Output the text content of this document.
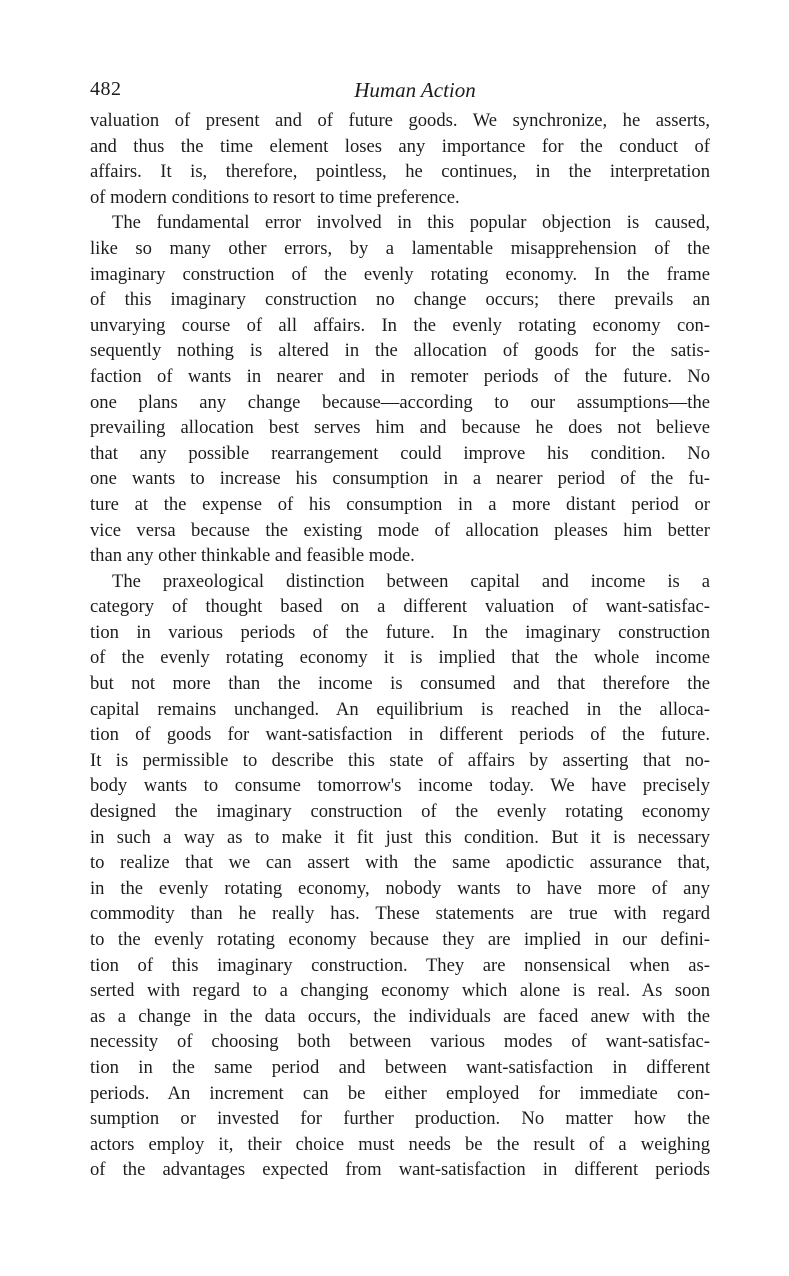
482	Human Action
valuation of present and of future goods. We synchronize, he asserts,
and thus the time element loses any importance for the conduct of
affairs. It is, therefore, pointless, he continues, in the interpretation
of modern conditions to resort to time preference.
The fundamental error involved in this popular objection is caused,
like so many other errors, by a lamentable misapprehension of the
imaginary construction of the evenly rotating economy. In the frame
of this imaginary construction no change occurs; there prevails an
unvarying course of all affairs. In the evenly rotating economy con-
sequently nothing is altered in the allocation of goods for the satis-
faction of wants in nearer and in remoter periods of the future. No
one plans any change because—according to our assumptions—the
prevailing allocation best serves him and because he does not believe
that any possible rearrangement could improve his condition. No
one wants to increase his consumption in a nearer period of the fu-
ture at the expense of his consumption in a more distant period or
vice versa because the existing mode of allocation pleases him better
than any other thinkable and feasible mode.
The praxeological distinction between capital and income is a
category of thought based on a different valuation of want-satisfac-
tion in various periods of the future. In the imaginary construction
of the evenly rotating economy it is implied that the whole income
but not more than the income is consumed and that therefore the
capital remains unchanged. An equilibrium is reached in the alloca-
tion of goods for want-satisfaction in different periods of the future.
It is permissible to describe this state of affairs by asserting that no-
body wants to consume tomorrow's income today. We have precisely
designed the imaginary construction of the evenly rotating economy
in such a way as to make it fit just this condition. But it is necessary
to realize that we can assert with the same apodictic assurance that,
in the evenly rotating economy, nobody wants to have more of any
commodity than he really has. These statements are true with regard
to the evenly rotating economy because they are implied in our defini-
tion of this imaginary construction. They are nonsensical when as-
serted with regard to a changing economy which alone is real. As soon
as a change in the data occurs, the individuals are faced anew with the
necessity of choosing both between various modes of want-satisfac-
tion in the same period and between want-satisfaction in different
periods. An increment can be either employed for immediate con-
sumption or invested for further production. No matter how the
actors employ it, their choice must needs be the result of a weighing
of the advantages expected from want-satisfaction in different periods
